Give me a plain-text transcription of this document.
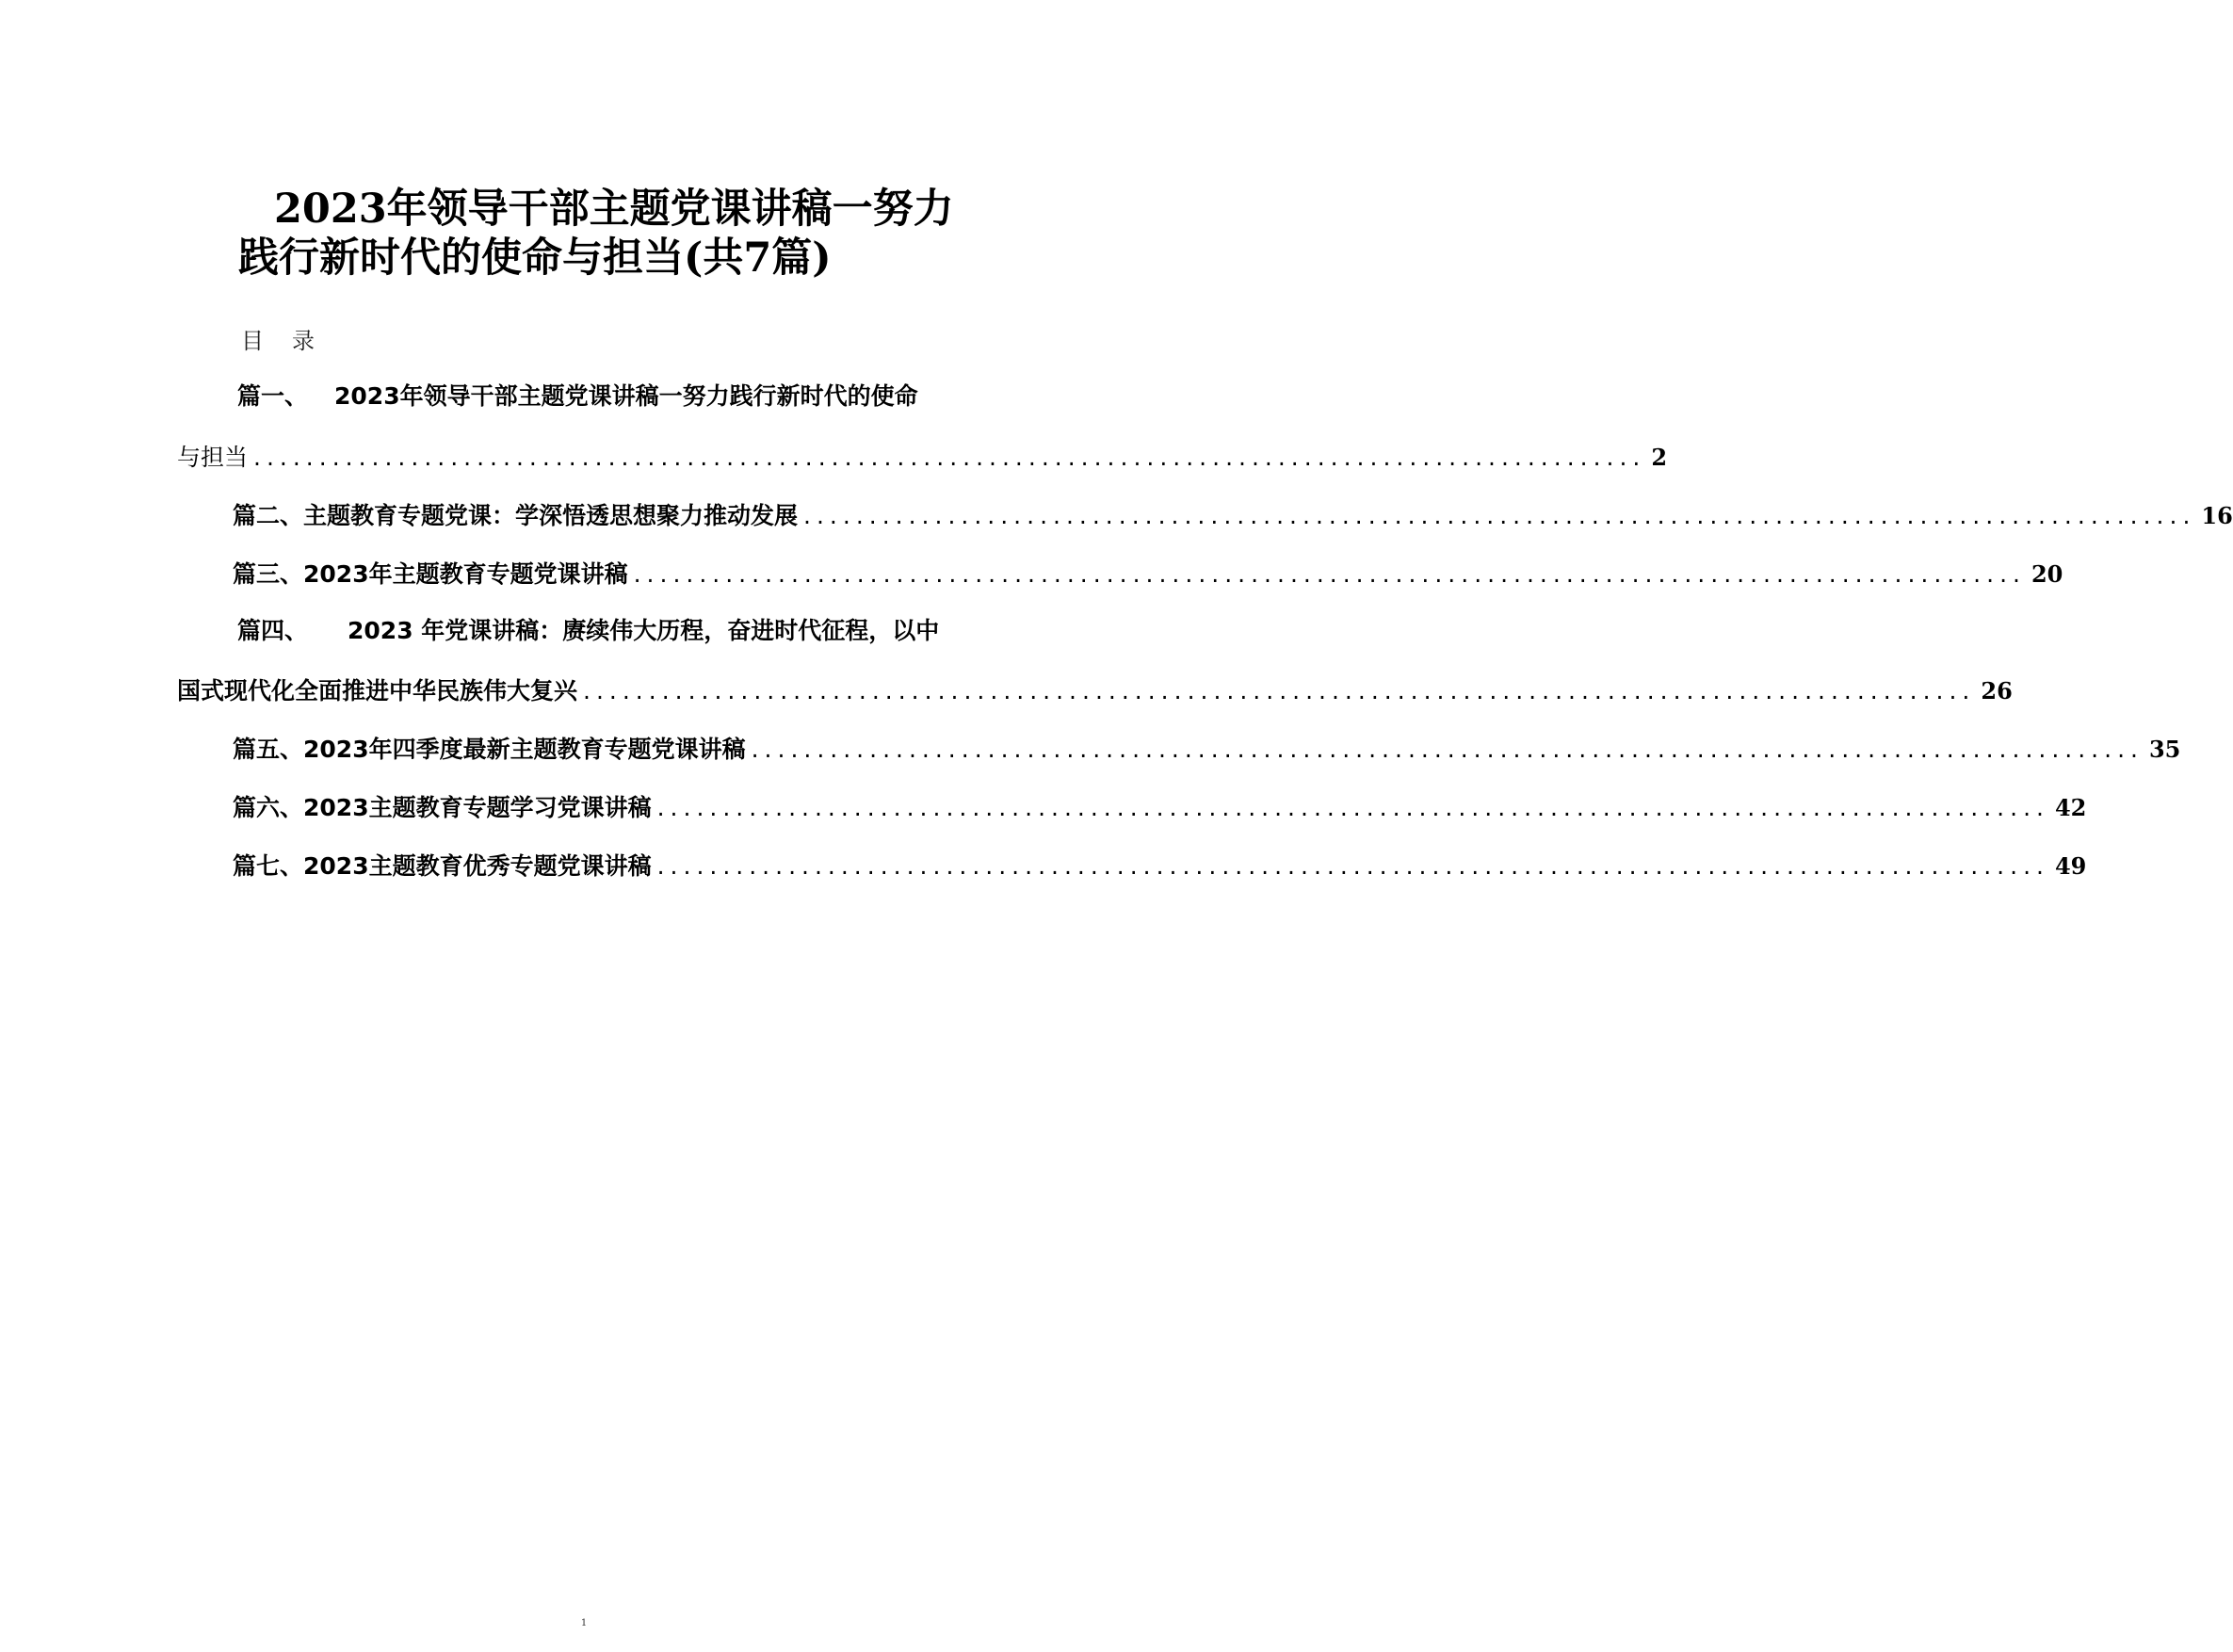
2023年领导干部主题党课讲稿一努力
践行新时代的使命与担当(共7篇)
目录
篇一、 2023年领导干部主题党课讲稿一努力践行新时代的使命
与担当 .......................................................................................................... 2
篇二、 主题教育专题党课：学深悟透思想聚力推动发展 .......................................................................................................... 16
篇三、 2023年主题教育专题党课讲稿 .......................................................................................................... 20
篇四、 2023 年党课讲稿：赓续伟大历程，奋进时代征程，以中
国式现代化全面推进中华民族伟大复兴 .......................................................................................................... 26
篇五、 2023年四季度最新主题教育专题党课讲稿 .......................................................................................................... 35
篇六、 2023主题教育专题学习党课讲稿 .......................................................................................................... 42
篇七、 2023主题教育优秀专题党课讲稿 .......................................................................................................... 49
1
